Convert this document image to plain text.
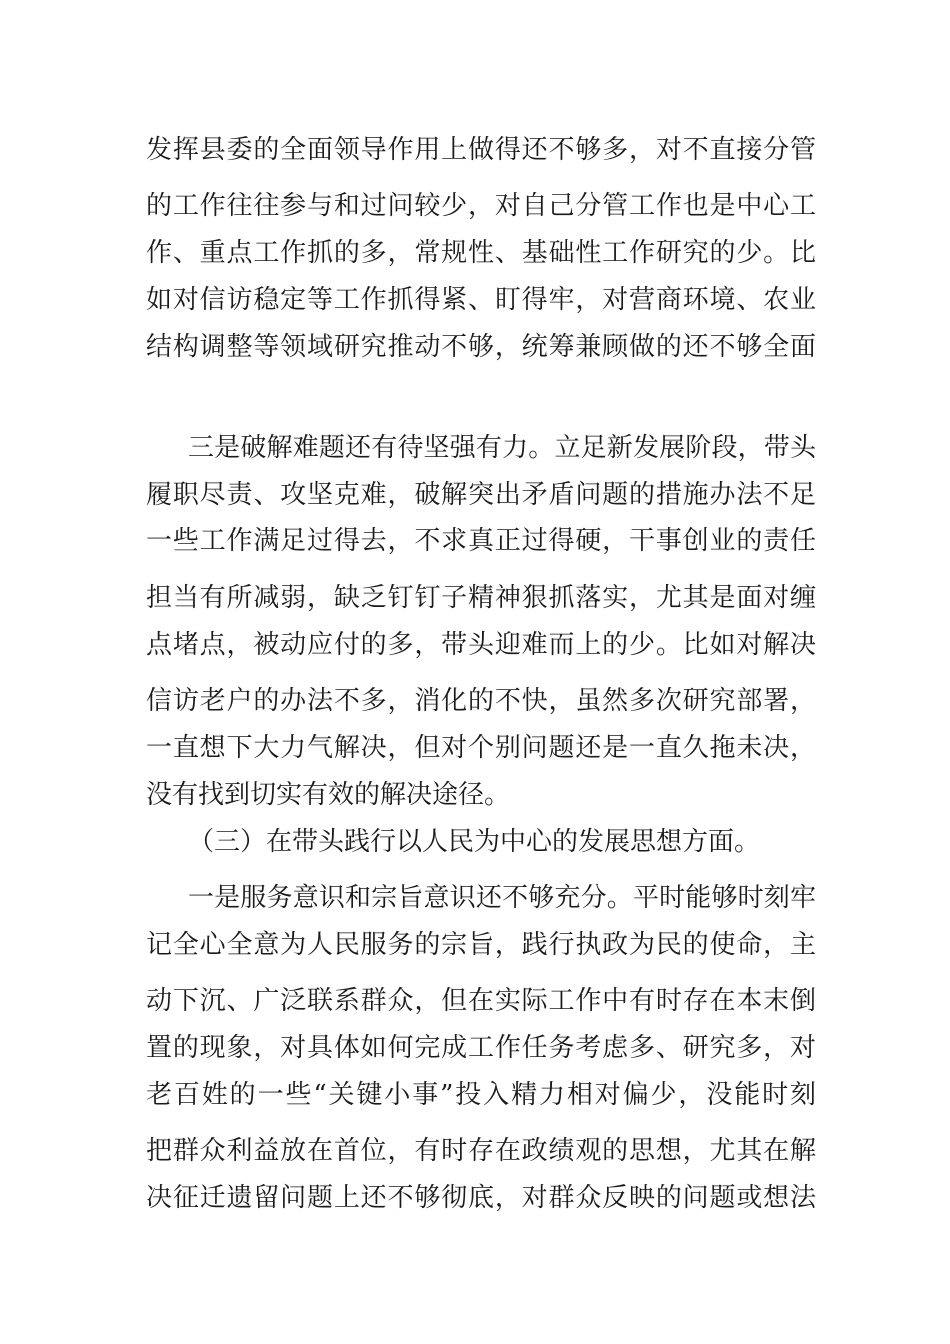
发挥县委的全面领导作用上做得还不够多，对不直接分管

的工作往往参与和过问较少，对自己分管工作也是中心工

作、重点工作抓的多，常规性、基础性工作研究的少。比

如对信访稳定等工作抓得紧、盯得牢，对营商环境、农业

结构调整等领域研究推动不够，统筹兼顾做的还不够全面

三是破解难题还有待坚强有力。立足新发展阶段，带头

履职尽责、攻坚克难，破解突出矛盾问题的措施办法不足

一些工作满足过得去，不求真正过得硬，干事创业的责任

担当有所减弱，缺乏钉钉子精神狠抓落实，尤其是面对缠

点堵点，被动应付的多，带头迎难而上的少。比如对解决

信访老户的办法不多，消化的不快，虽然多次研究部署，

一直想下大力气解决，但对个别问题还是一直久拖未决，

没有找到切实有效的解决途径。

（三）在带头践行以人民为中心的发展思想方面。

一是服务意识和宗旨意识还不够充分。平时能够时刻牢

记全心全意为人民服务的宗旨，践行执政为民的使命，主

动下沉、广泛联系群众，但在实际工作中有时存在本末倒

置的现象，对具体如何完成工作任务考虑多、研究多，对

老百姓的一些“关键小事”投入精力相对偏少，没能时刻

把群众利益放在首位，有时存在政绩观的思想，尤其在解

决征迁遗留问题上还不够彻底，对群众反映的问题或想法
